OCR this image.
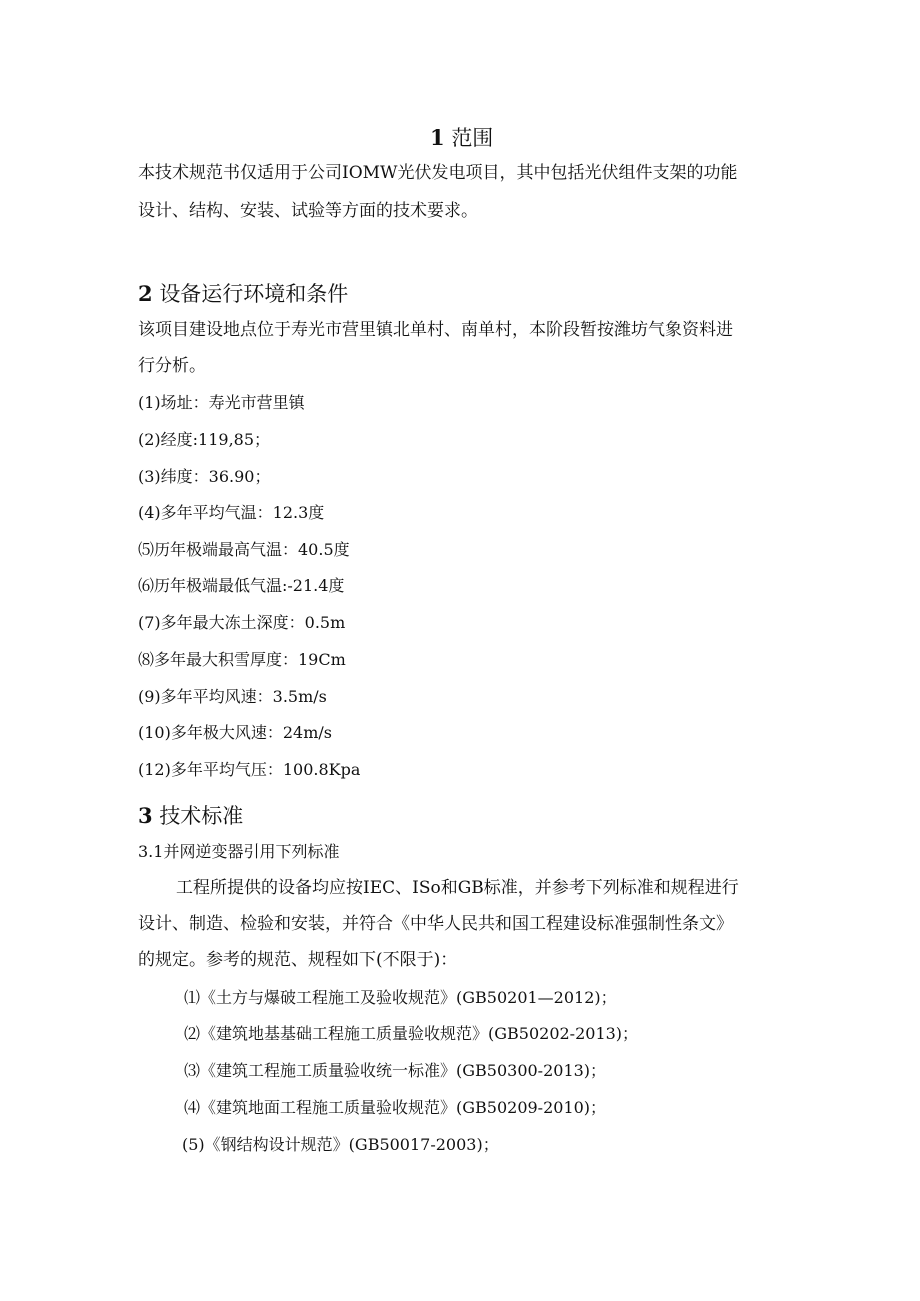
1 范围
本技术规范书仅适用于公司IOMW光伏发电项目，其中包括光伏组件支架的功能
设计、结构、安装、试验等方面的技术要求。
2 设备运行环境和条件
该项目建设地点位于寿光市营里镇北单村、南单村，本阶段暂按潍坊气象资料进
行分析。
(1)场址：寿光市营里镇
(2)经度:119,85；
(3)纬度：36.90；
(4)多年平均气温：12.3度
⑸历年极端最高气温：40.5度
⑹历年极端最低气温:-21.4度
(7)多年最大冻土深度：0.5m
⑻多年最大积雪厚度：19Cm
(9)多年平均风速：3.5m/s
(10)多年极大风速：24m∕s
(12)多年平均气压：100.8Kpa
3 技术标准
3.1并网逆变器引用下列标准
工程所提供的设备均应按IEC、ISo和GB标准，并参考下列标准和规程进行
设计、制造、检验和安装，并符合《中华人民共和国工程建设标准强制性条文》
的规定。参考的规范、规程如下(不限于)：
⑴《土方与爆破工程施工及验收规范》(GB50201—2012)；
⑵《建筑地基基础工程施工质量验收规范》(GB50202-2013)；
⑶《建筑工程施工质量验收统一标准》(GB50300-2013)；
⑷《建筑地面工程施工质量验收规范》(GB50209-2010)；
(5)《钢结构设计规范》(GB50017-2003)；
